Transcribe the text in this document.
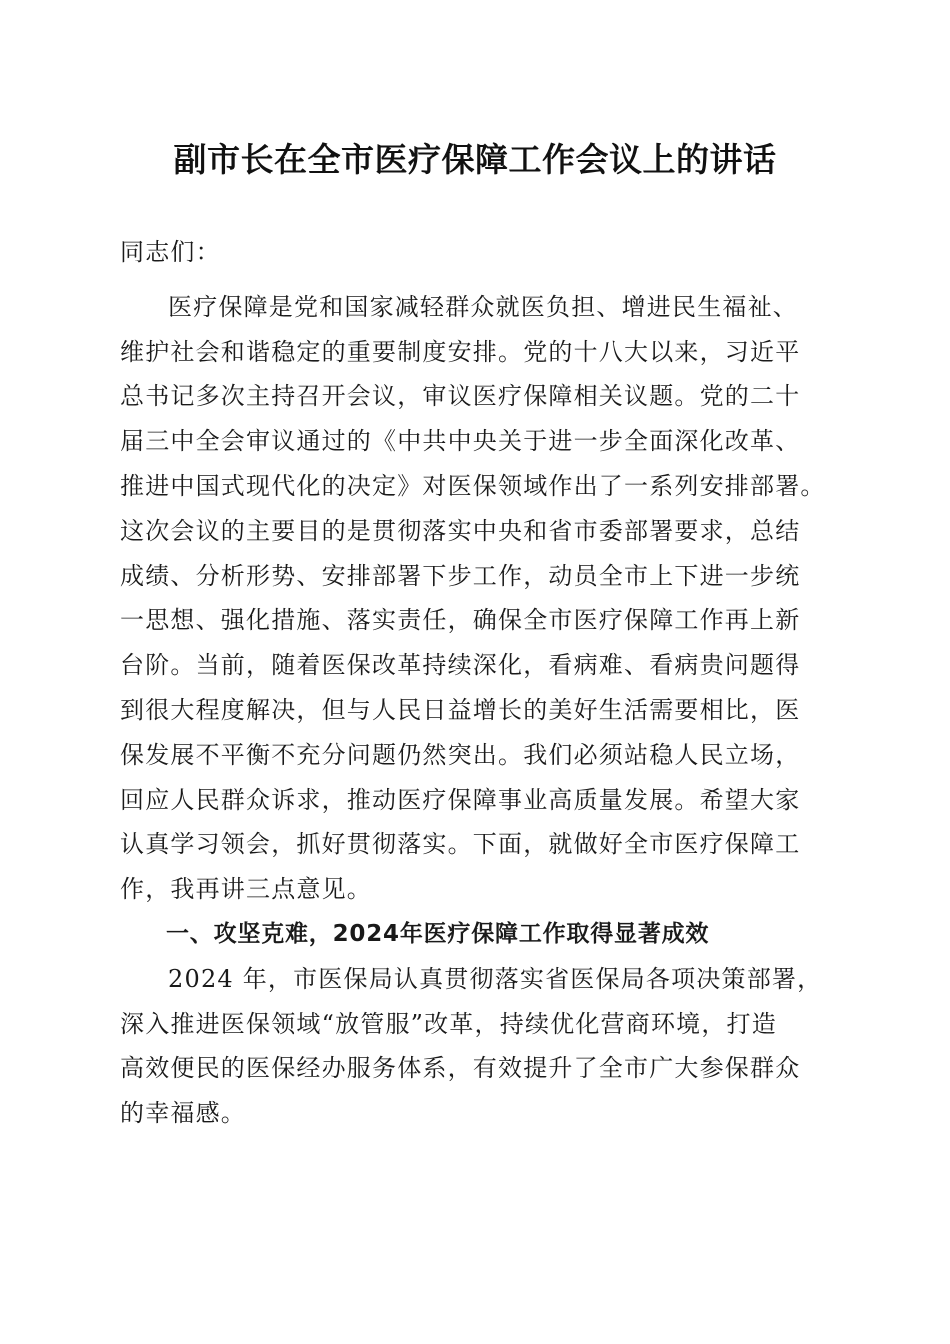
副市长在全市医疗保障工作会议上的讲话
同志们：
医疗保障是党和国家减轻群众就医负担、增进民生福祉、
维护社会和谐稳定的重要制度安排。党的十八大以来，习近平
总书记多次主持召开会议，审议医疗保障相关议题。党的二十
届三中全会审议通过的《中共中央关于进一步全面深化改革、
推进中国式现代化的决定》对医保领域作出了一系列安排部署。
这次会议的主要目的是贯彻落实中央和省市委部署要求，总结
成绩、分析形势、安排部署下步工作，动员全市上下进一步统
一思想、强化措施、落实责任，确保全市医疗保障工作再上新
台阶。当前，随着医保改革持续深化，看病难、看病贵问题得
到很大程度解决，但与人民日益增长的美好生活需要相比，医
保发展不平衡不充分问题仍然突出。我们必须站稳人民立场，
回应人民群众诉求，推动医疗保障事业高质量发展。希望大家
认真学习领会，抓好贯彻落实。下面，就做好全市医疗保障工
作，我再讲三点意见。
一、攻坚克难，2024年医疗保障工作取得显著成效
2024 年，市医保局认真贯彻落实省医保局各项决策部署，
深入推进医保领域“放管服”改革，持续优化营商环境，打造
高效便民的医保经办服务体系，有效提升了全市广大参保群众
的幸福感。
